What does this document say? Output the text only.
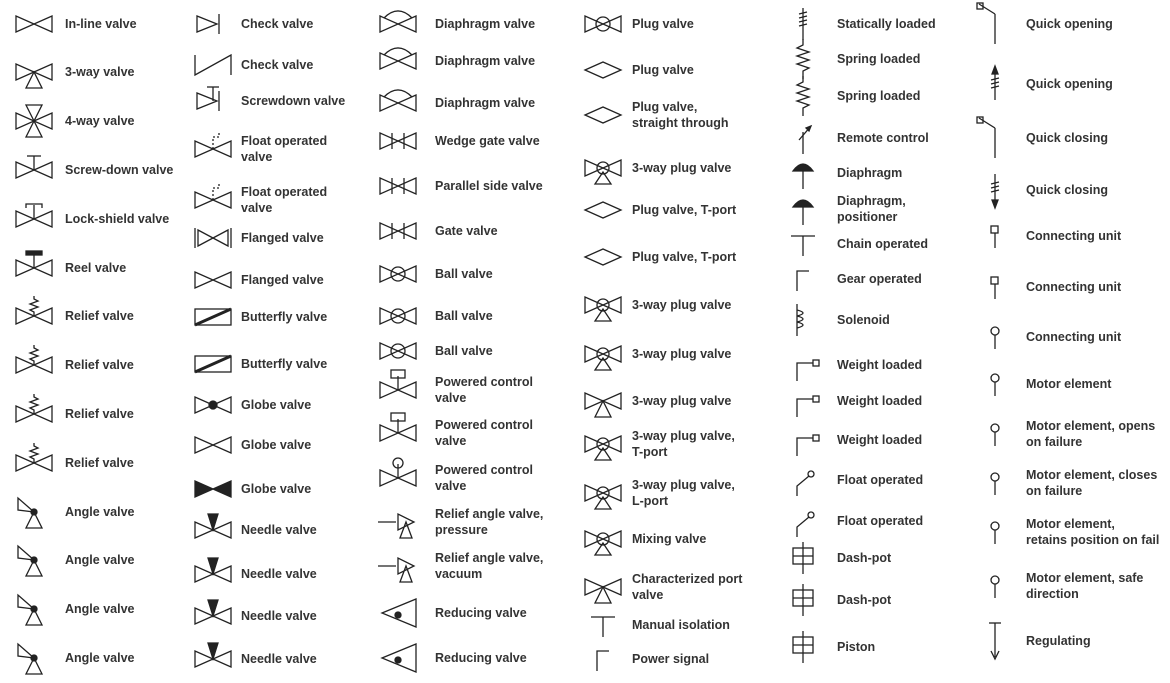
In-line valve
3-way valve
4-way valve
Screw-down valve
Lock-shield valve
Reel valve
Relief valve
Relief valve
Relief valve
Relief valve
Angle valve
Angle valve
Angle valve
Angle valve
Check valve
Check valve
Screwdown valve
Float operated
valve
Float operated
valve
Flanged valve
Flanged valve
Butterfly valve
Butterfly valve
Globe valve
Globe valve
Globe valve
Needle valve
Needle valve
Needle valve
Needle valve
Diaphragm valve
Diaphragm valve
Diaphragm valve
Wedge gate valve
Parallel side valve
Gate valve
Ball valve
Ball valve
Ball valve
Powered control
valve
Powered control
valve
Powered control
valve
Relief angle valve,
pressure
Relief angle valve,
vacuum
Reducing valve
Reducing valve
Plug valve
Plug valve
Plug valve,
straight through
3-way plug valve
Plug valve, T-port
Plug valve, T-port
3-way plug valve
3-way plug valve
3-way plug valve
3-way plug valve,
T-port
3-way plug valve,
L-port
Mixing valve
Characterized port
valve
Manual isolation
Power signal
Statically loaded
Spring loaded
Spring loaded
Remote control
Diaphragm
Diaphragm,
positioner
Chain operated
Gear operated
Solenoid
Weight loaded
Weight loaded
Weight loaded
Float operated
Float operated
Dash-pot
Dash-pot
Piston
Quick opening
Quick opening
Quick closing
Quick closing
Connecting unit
Connecting unit
Connecting unit
Motor element
Motor element, opens
on failure
Motor element, closes
on failure
Motor element,
retains position on fail
Motor element, safe
direction
Regulating
